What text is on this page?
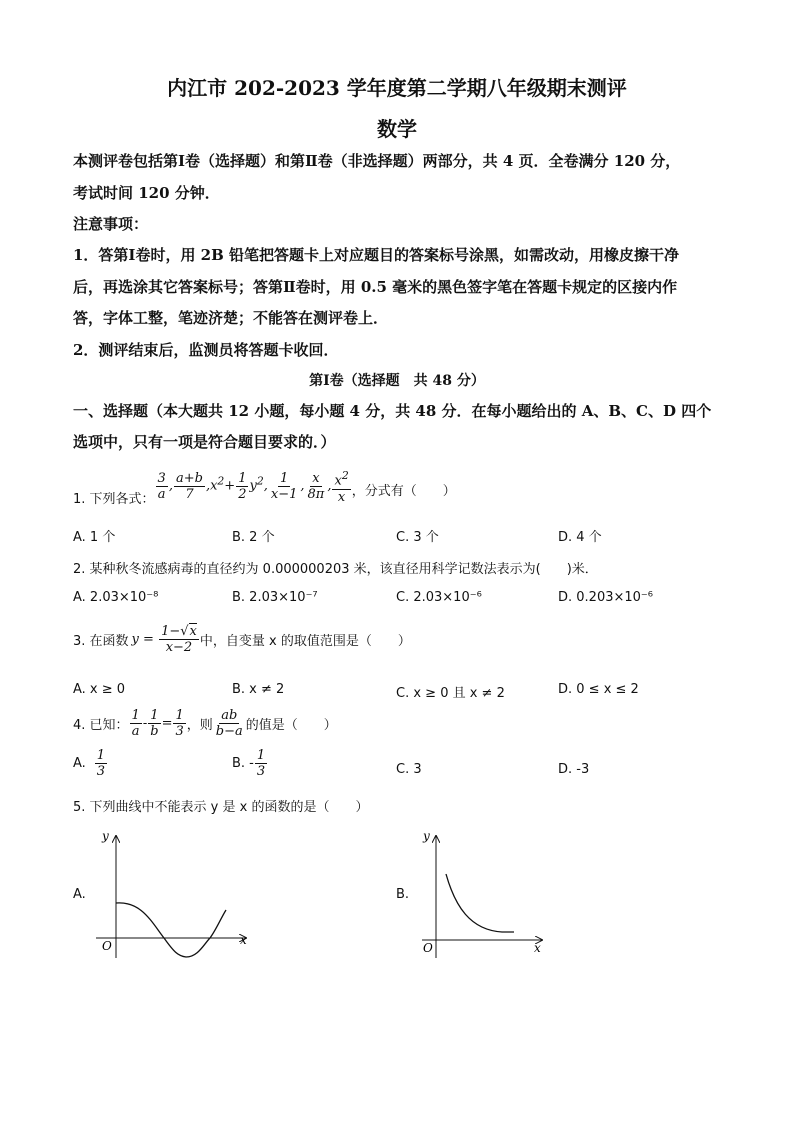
内江市 202-2023 学年度第二学期八年级期末测评
数学
本测评卷包括第Ⅰ卷（选择题）和第Ⅱ卷（非选择题）两部分，共 4 页．全卷满分 120 分，
考试时间 120 分钟．
注意事项：
1．答第Ⅰ卷时，用 2B 铅笔把答题卡上对应题目的答案标号涂黑，如需改动，用橡皮擦干净
后，再选涂其它答案标号；答第Ⅱ卷时，用 0.5 毫米的黑色签字笔在答题卡规定的区接内作
答，字体工整，笔迹济楚；不能答在测评卷上．
2．测评结束后，监测员将答题卡收回．
第Ⅰ卷（选择题　共 48 分）
一、选择题（本大题共 12 小题，每小题 4 分，共 48 分．在每小题给出的 A、B、C、D 四个
选项中，只有一项是符合题目要求的．）
1. 下列各式： $\frac{3}{a}$ , $\frac{a+b}{7} ,x^2+ \frac{1}{2} y^2$, $\frac{1}{x-1}$ , $\frac{x}{8\pi}$ , $\frac{x^2}{x}$ ，分式有（　　）
A. 1 个	B. 2 个	C. 3 个	D. 4 个
2. 某种秋冬流感病毒的直径约为 0.000000203 米，该直径用科学记数法表示为(　　)米．
A. 2.03×10⁻⁸	B. 2.03×10⁻⁷	C. 2.03×10⁻⁶	D. 0.203×10⁻⁶
3. 在函数 $y = \frac{1-√x}{x-2}$ 中，自变量 x 的取值范围是（　　）
A. x ≥ 0	B. x ≠ 2	C. x ≥ 0 且 x ≠ 2	D. 0 ≤ x ≤ 2
4. 已知： $\frac{1}{a} - \frac{1}{b} = \frac{1}{3}$ ，则 $\frac{ab}{b-a}$ 的值是（　　）
A. $\frac{1}{3}$	B. - $\frac{1}{3}$	C. 3	D. -3
5. 下列曲线中不能表示 y 是 x 的函数的是（　　）
A.
x
y
O
B.
x
y
O
